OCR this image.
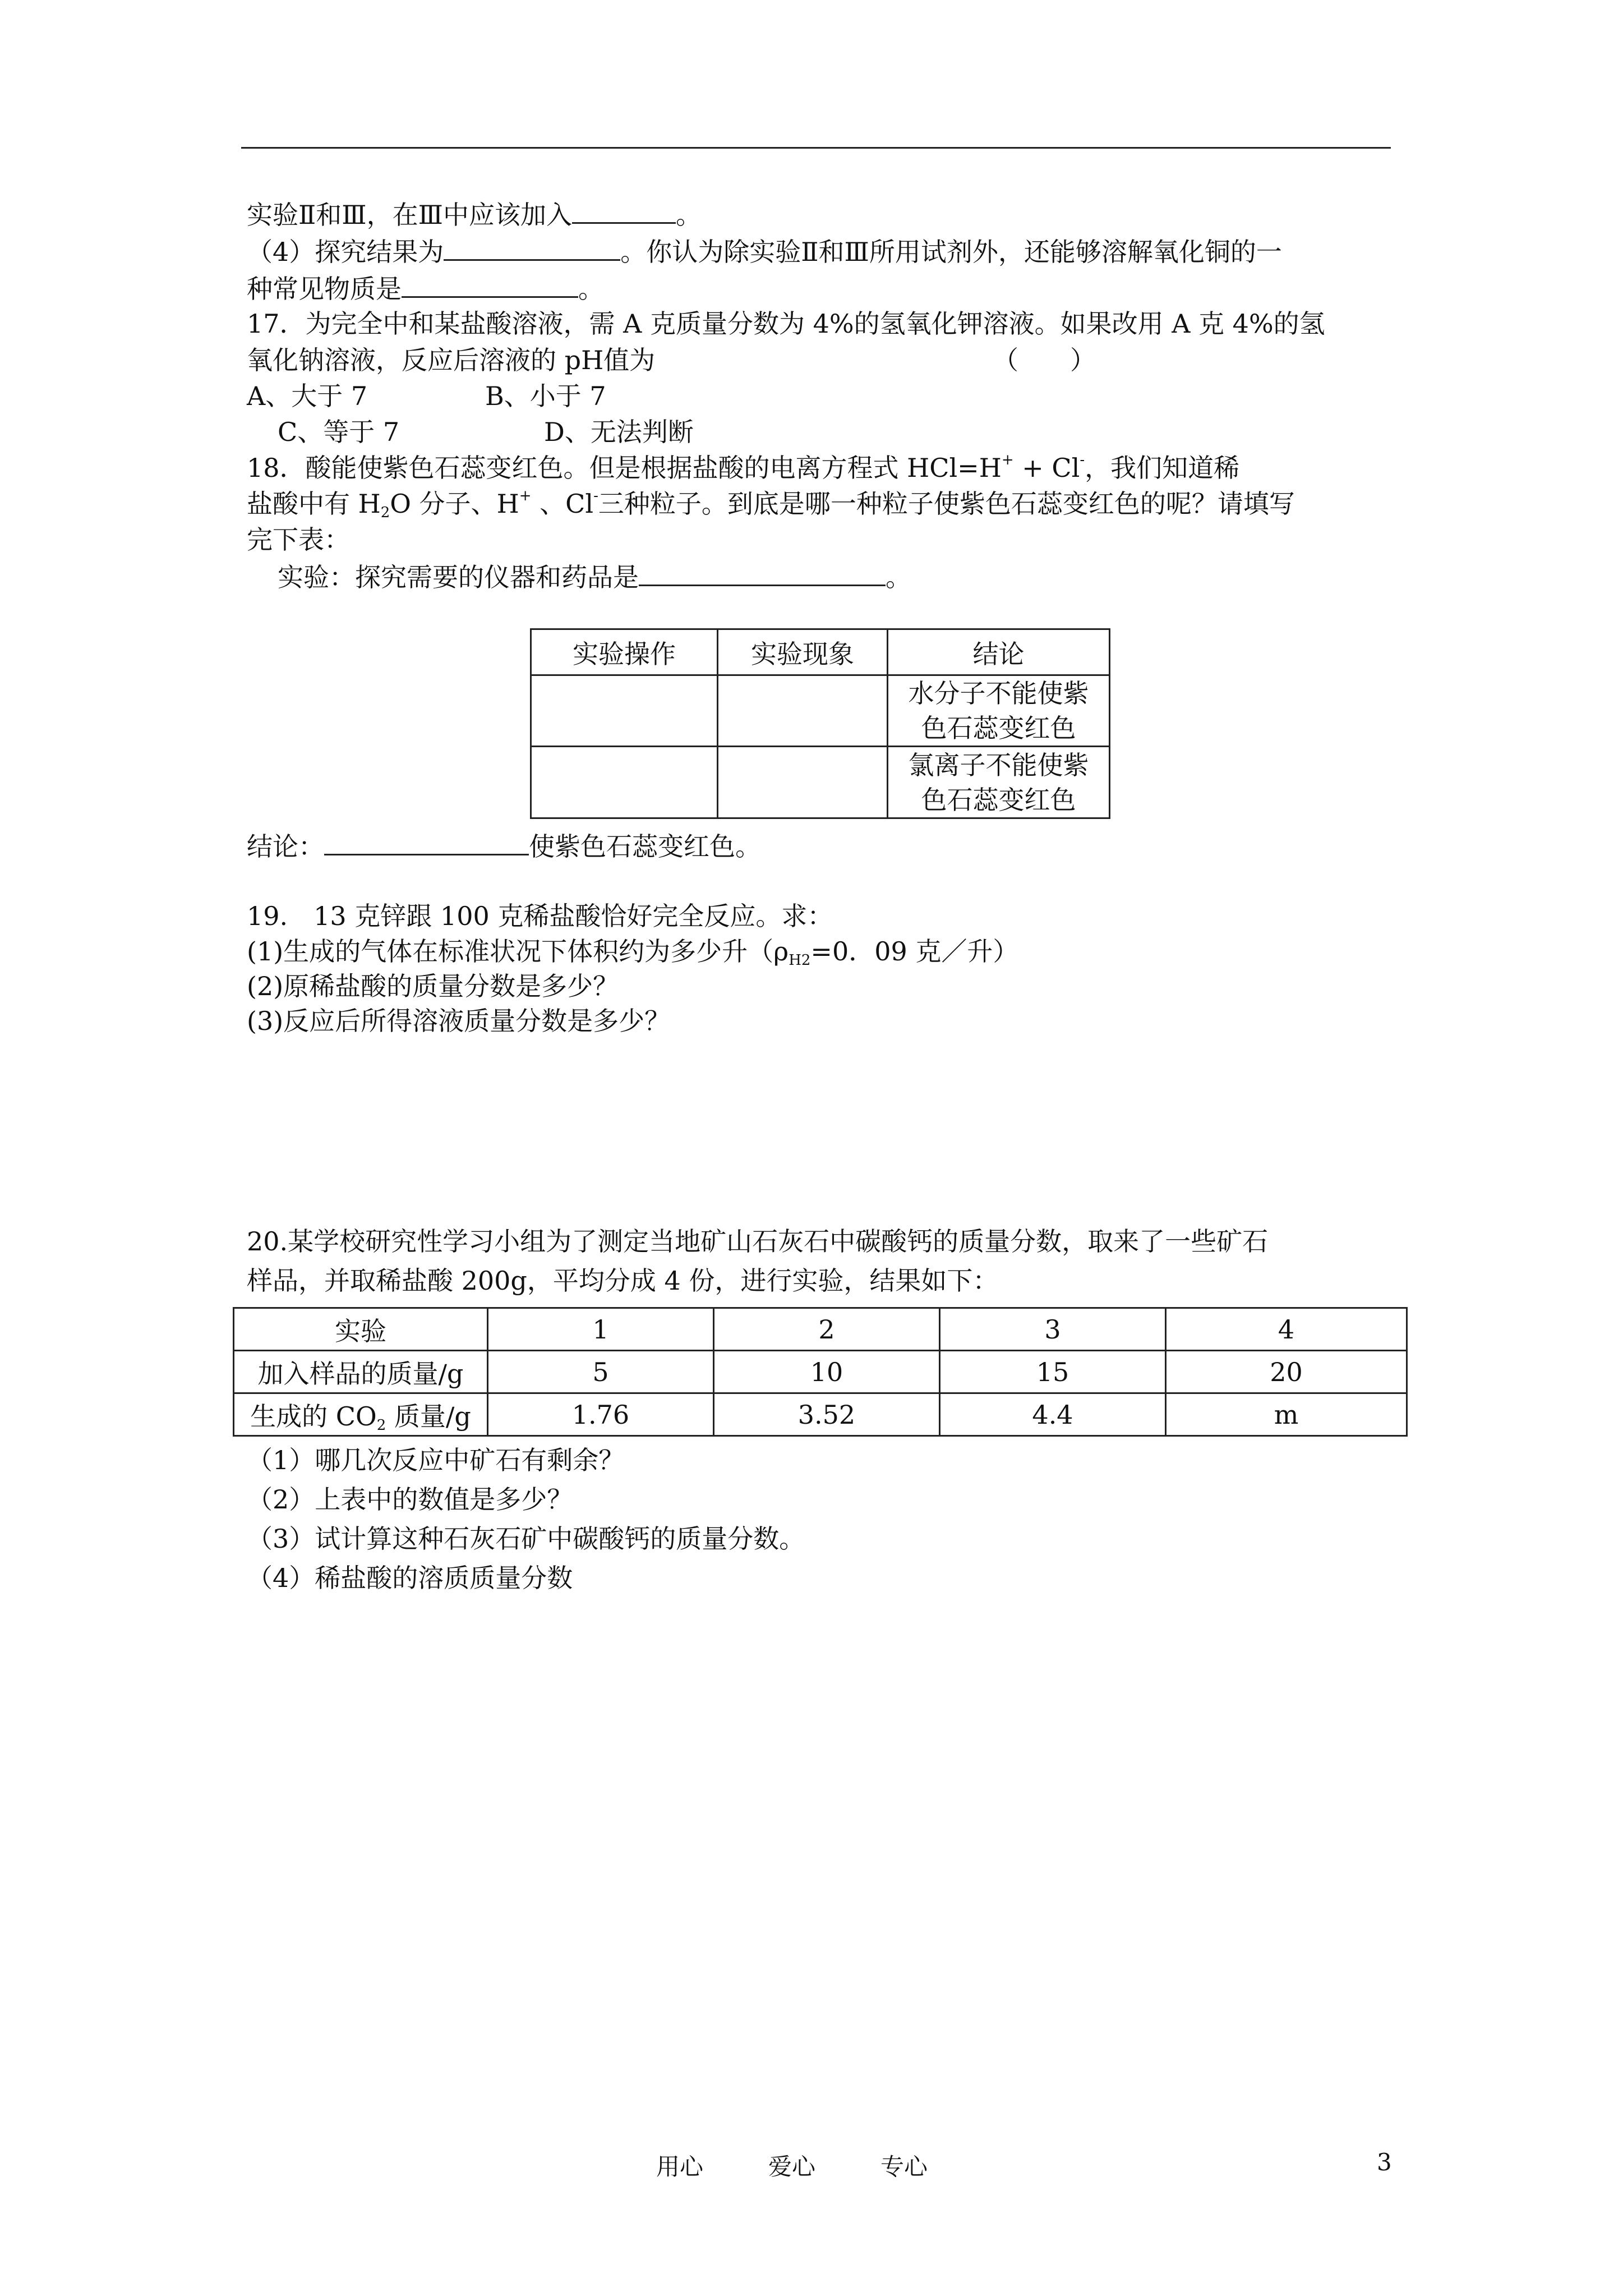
实验Ⅱ和Ⅲ，在Ⅲ中应该加入	。
（4）探究结果为	。你认为除实验Ⅱ和Ⅲ所用试剂外，还能够溶解氧化铜的一
种常见物质是	。
17．为完全中和某盐酸溶液，需 A 克质量分数为 4%的氢氧化钾溶液。如果改用 A 克 4%的氢
氧化钠溶液，反应后溶液的 pH值为	（　　）
A、大于 7	B、小于 7
C、等于 7	D、无法判断
18．酸能使紫色石蕊变红色。但是根据盐酸的电离方程式 HCl=H+ + Cl-，我们知道稀
盐酸中有 $H_2O$ 分子、H+ 、Cl-三种粒子。到底是哪一种粒子使紫色石蕊变红色的呢？请填写
完下表：
实验：探究需要的仪器和药品是	。
实验操作	实验现象	结论

		水分子不能使紫
色石蕊变红色

		氯离子不能使紫
色石蕊变红色
结论：	使紫色石蕊变红色。
19.　13 克锌跟 100 克稀盐酸恰好完全反应。求：
(1)生成的气体在标准状况下体积约为多少升（$\rho_{H2}=0$．09 克／升）
(2)原稀盐酸的质量分数是多少？
(3)反应后所得溶液质量分数是多少？
20.某学校研究性学习小组为了测定当地矿山石灰石中碳酸钙的质量分数，取来了一些矿石
样品，并取稀盐酸 200g，平均分成 4 份，进行实验，结果如下：
实验	1	2	3	4
加入样品的质量/g	5	10	15	20
生成的 $CO_2$ 质量/g	1.76	3.52	4.4	m
（1）哪几次反应中矿石有剩余？
（2）上表中的数值是多少？
（3）试计算这种石灰石矿中碳酸钙的质量分数。
（4）稀盐酸的溶质质量分数
用心	爱心	专心	3
